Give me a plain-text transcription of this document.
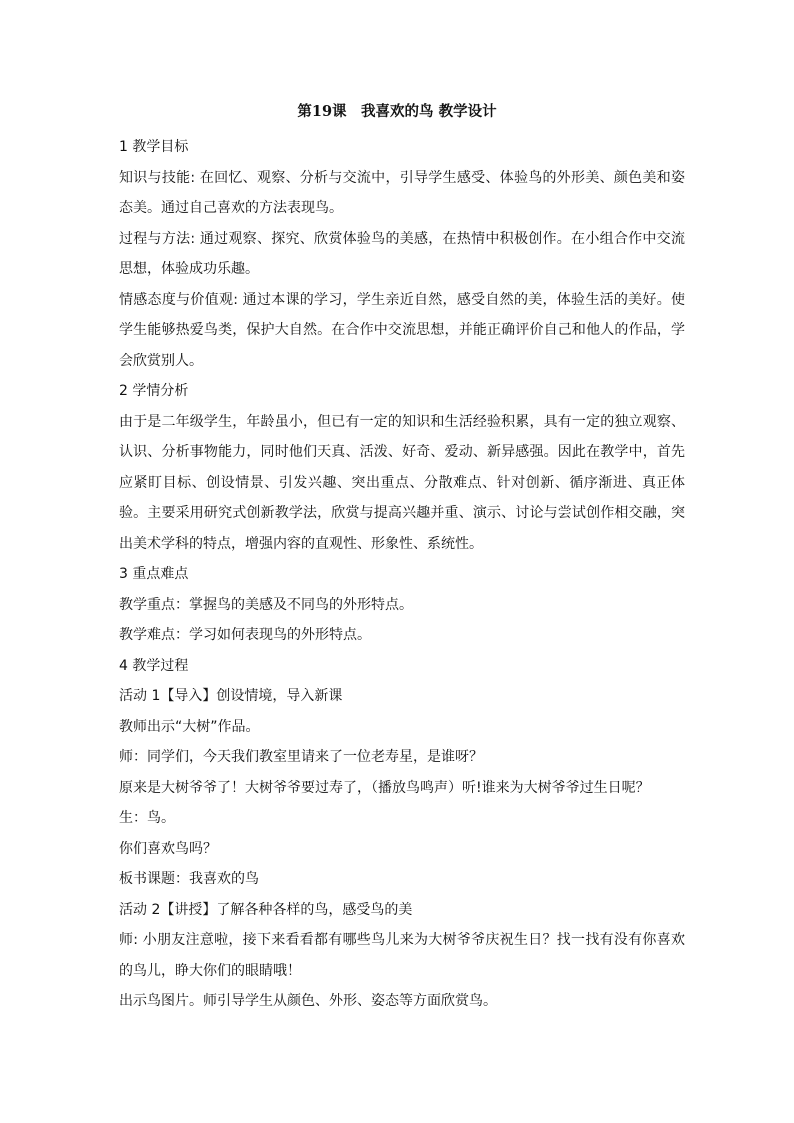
第19课　我喜欢的鸟 教学设计

1 教学目标

知识与技能: 在回忆、观察、分析与交流中，引导学生感受、体验鸟的外形美、颜色美和姿态美。通过自己喜欢的方法表现鸟。

过程与方法: 通过观察、探究、欣赏体验鸟的美感，在热情中积极创作。在小组合作中交流思想，体验成功乐趣。

情感态度与价值观: 通过本课的学习，学生亲近自然，感受自然的美，体验生活的美好。使学生能够热爱鸟类，保护大自然。在合作中交流思想，并能正确评价自己和他人的作品，学会欣赏别人。

2 学情分析

由于是二年级学生，年龄虽小，但已有一定的知识和生活经验积累，具有一定的独立观察、认识、分析事物能力，同时他们天真、活泼、好奇、爱动、新异感强。因此在教学中，首先应紧盯目标、创设情景、引发兴趣、突出重点、分散难点、针对创新、循序渐进、真正体验。主要采用研究式创新教学法，欣赏与提高兴趣并重、演示、讨论与尝试创作相交融，突出美术学科的特点，增强内容的直观性、形象性、系统性。

3 重点难点

教学重点：掌握鸟的美感及不同鸟的外形特点。

教学难点：学习如何表现鸟的外形特点。

4 教学过程

活动 1【导入】创设情境，导入新课

教师出示“大树”作品。

师：同学们，今天我们教室里请来了一位老寿星，是谁呀？

原来是大树爷爷了！大树爷爷要过寿了，（播放鸟鸣声）听!谁来为大树爷爷过生日呢？

生：鸟。

你们喜欢鸟吗？

板书课题：我喜欢的鸟

活动 2【讲授】了解各种各样的鸟，感受鸟的美

师: 小朋友注意啦，接下来看看都有哪些鸟儿来为大树爷爷庆祝生日？找一找有没有你喜欢的鸟儿，睁大你们的眼睛哦！

出示鸟图片。师引导学生从颜色、外形、姿态等方面欣赏鸟。
